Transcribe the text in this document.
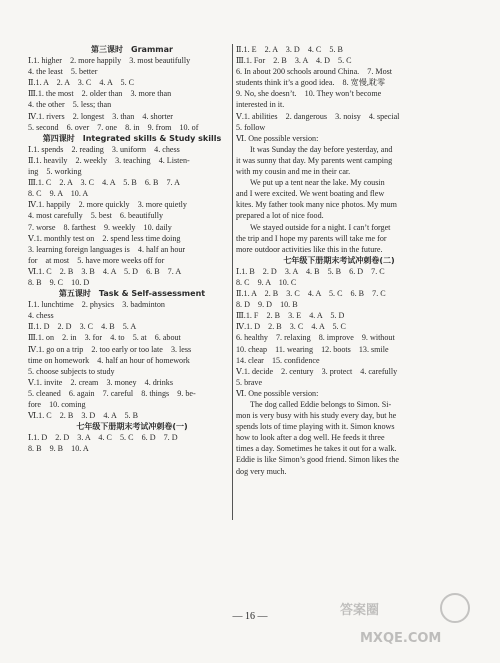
第三课时　Grammar
Ⅰ.1. higher　2. more happily　3. most beautifully
4. the least　5. better
Ⅱ.1. A　2. A　3. C　4. A　5. C
Ⅲ.1. the most　2. older than　3. more than
4. the other　5. less; than
Ⅳ.1. rivers　2. longest　3. than　4. shorter
5. second　6. over　7. one　8. in　9. from　10. of
第四课时　Integrated skills & Study skills
Ⅰ.1. spends　2. reading　3. uniform　4. chess
Ⅱ.1. heavily　2. weekly　3. teaching　4. Listen-
ing　5. working
Ⅲ.1. C　2. A　3. C　4. A　5. B　6. B　7. A
8. C　9. A　10. A
Ⅳ.1. happily　2. more quickly　3. more quietly
4. most carefully　5. best　6. beautifully
7. worse　8. farthest　9. weekly　10. daily
Ⅴ.1. monthly test on　2. spend less time doing
3. learning foreign languages is　4. half an hour
for　at most　5. have more weeks off for
Ⅵ.1. C　2. B　3. B　4. A　5. D　6. B　7. A
8. B　9. C　10. D
第五课时　Task & Self-assessment
Ⅰ.1. lunchtime　2. physics　3. badminton
4. chess
Ⅱ.1. D　2. D　3. C　4. B　5. A
Ⅲ.1. on　2. in　3. for　4. to　5. at　6. about
Ⅳ.1. go on a trip　2. too early or too late　3. less
time on homework　4. half an hour of homework
5. choose subjects to study
Ⅴ.1. invite　2. cream　3. money　4. drinks
5. cleaned　6. again　7. careful　8. things　9. be-
fore　10. coming
Ⅵ.1. C　2. B　3. D　4. A　5. B
七年级下册期末考试冲刺卷(一)
Ⅰ.1. D　2. D　3. A　4. C　5. C　6. D　7. D
8. B　9. B　10. A
Ⅱ.1. E　2. A　3. D　4. C　5. B
Ⅲ.1. For　2. B　3. A　4. D　5. C
6. In about 200 schools around China.　7. Most
students think it’s a good idea.　8. 宽慢,耽零
9. No, she doesn’t.　10. They won’t become
interested in it.
Ⅴ.1. abilities　2. dangerous　3. noisy　4. special
5. follow
Ⅵ. One possible version:
It was Sunday the day before yesterday, and
it was sunny that day. My parents went camping
with my cousin and me in their car.
We put up a tent near the lake. My cousin
and I were excited. We went boating and flew
kites. My father took many nice photos. My mum
prepared a lot of nice food.
We stayed outside for a night. I can’t forget
the trip and I hope my parents will take me for
more outdoor activities like this in the future.
七年级下册期末考试冲刺卷(二)
Ⅰ.1. B　2. D　3. A　4. B　5. B　6. D　7. C
8. C　9. A　10. C
Ⅱ.1. A　2. B　3. C　4. A　5. C　6. B　7. C
8. D　9. D　10. B
Ⅲ.1. F　2. B　3. E　4. A　5. D
Ⅳ.1. D　2. B　3. C　4. A　5. C
6. healthy　7. relaxing　8. improve　9. without
10. cheap　11. wearing　12. boots　13. smile
14. clear　15. confidence
Ⅴ.1. decide　2. century　3. protect　4. carefully
5. brave
Ⅵ. One possible version:
The dog called Eddie belongs to Simon. Si-
mon is very busy with his study every day, but he
spends lots of time playing with it. Simon knows
how to look after a dog well. He feeds it three
times a day. Sometimes he takes it out for a walk.
Eddie is like Simon’s good friend. Simon likes the
dog very much.
— 16 —	答案圈
MXQE.COM
